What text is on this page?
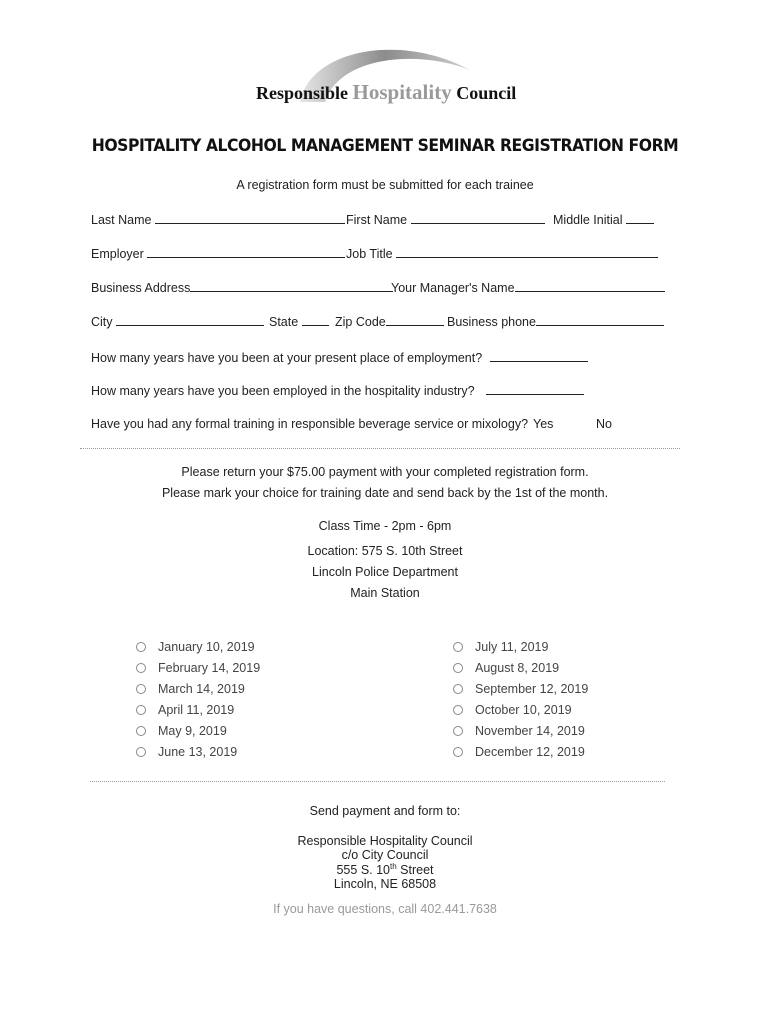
Responsible Hospitality Council
HOSPITALITY ALCOHOL MANAGEMENT SEMINAR REGISTRATION FORM
A registration form must be submitted for each trainee
Last Name	First Name	Middle Initial
Employer	Job Title
Business Address	Your Manager's Name
City	State	Zip Code	Business phone
How many years have you been at your present place of employment?
How many years have you been employed in the hospitality industry?
Have you had any formal training in responsible beverage service or mixology? Yes	No
Please return your $75.00 payment with your completed registration form.
Please mark your choice for training date and send back by the 1st of the month.
Class Time - 2pm - 6pm
Location: 575 S. 10th Street
Lincoln Police Department
Main Station
January 10, 2019
February 14, 2019
March 14, 2019
April 11, 2019
May 9, 2019
June 13, 2019
July 11, 2019
August 8, 2019
September 12, 2019
October 10, 2019
November 14, 2019
December 12, 2019
Send payment and form to:
Responsible Hospitality Council
c/o City Council
555 S. 10th Street
Lincoln, NE 68508
If you have questions, call 402.441.7638
